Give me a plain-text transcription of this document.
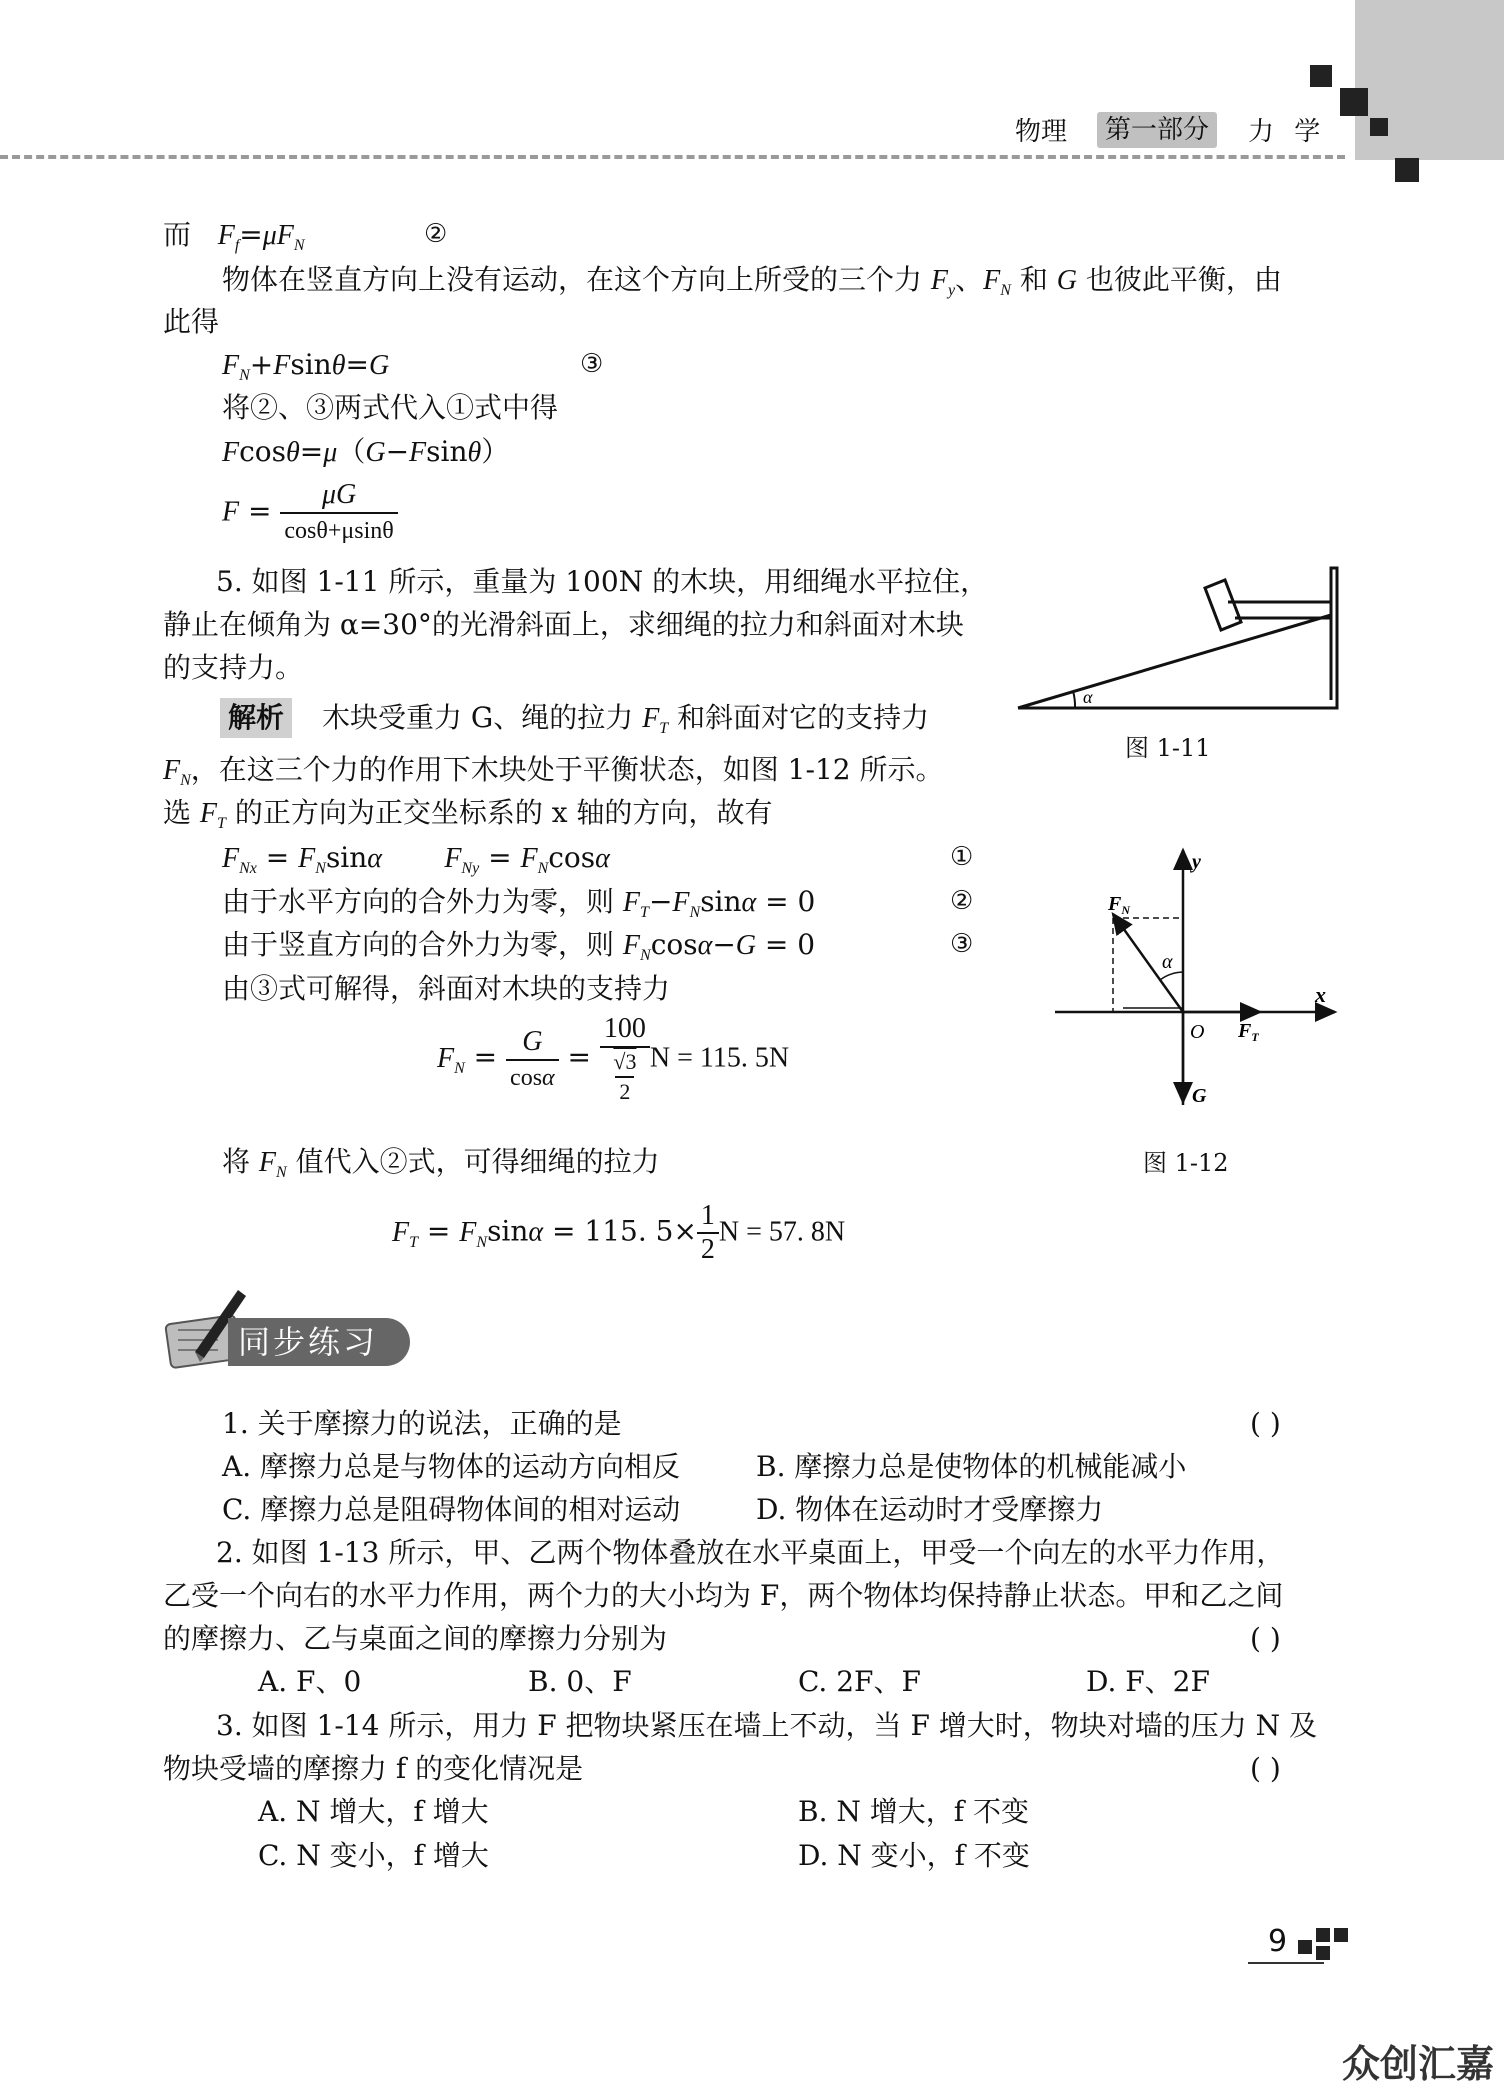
物理	第一部分	力 学
而 $F_f=\mu F_N$	②
物体在竖直方向上没有运动，在这个方向上所受的三个力 $F_y$、$F_N$ 和 G 也彼此平衡，由
此得
$F_N+Fsin\theta=G$	③
将②、③两式代入①式中得
Fcosθ=μ（G−Fsinθ）
$F = \frac{\mu G}{\cos\theta+\mu\sin\theta}$
5. 如图 1-11 所示，重量为 100N 的木块，用细绳水平拉住，
静止在倾角为 α=30°的光滑斜面上，求细绳的拉力和斜面对木块
的支持力。
α
图 1-11
解析 木块受重力 G、绳的拉力 $F_T$ 和斜面对它的支持力
$F_N$，在这三个力的作用下木块处于平衡状态，如图 1-12 所示。
选 $F_T$ 的正方向为正交坐标系的 x 轴的方向，故有
$F_{Nx} = F_N\sin\alpha$ $F_{Ny} = F_N\cos\alpha$	①
由于水平方向的合外力为零，则 $F_T-F_N\sin\alpha = 0$	②
由于竖直方向的合外力为零，则 $F_N\cos\alpha-G = 0$	③
由③式可解得，斜面对木块的支持力
$F_N = \frac{G}{\cos\alpha}$ =
100
√3
2
N = 115. 5N
y
x
O
$F_N$
$F_T$
G
α
图 1-12
将 $F_N$ 值代入②式，可得细绳的拉力
$F_T = F_N\sin\alpha = 115$. $5\times \frac{1}{2}$ N = 57. 8N
同步练习
1. 关于摩擦力的说法，正确的是	( )
A. 摩擦力总是与物体的运动方向相反	B. 摩擦力总是使物体的机械能减小
C. 摩擦力总是阻碍物体间的相对运动	D. 物体在运动时才受摩擦力
2. 如图 1-13 所示，甲、乙两个物体叠放在水平桌面上，甲受一个向左的水平力作用，
乙受一个向右的水平力作用，两个力的大小均为 F，两个物体均保持静止状态。甲和乙之间
的摩擦力、乙与桌面之间的摩擦力分别为	( )
A. F、0	B. 0、F	C. 2F、F	D. F、2F
3. 如图 1-14 所示，用力 F 把物块紧压在墙上不动，当 F 增大时，物块对墙的压力 N 及
物块受墙的摩擦力 f 的变化情况是	( )
A. N 增大，f 增大	B. N 增大，f 不变
C. N 变小，f 增大	D. N 变小，f 不变
9
众创汇嘉
